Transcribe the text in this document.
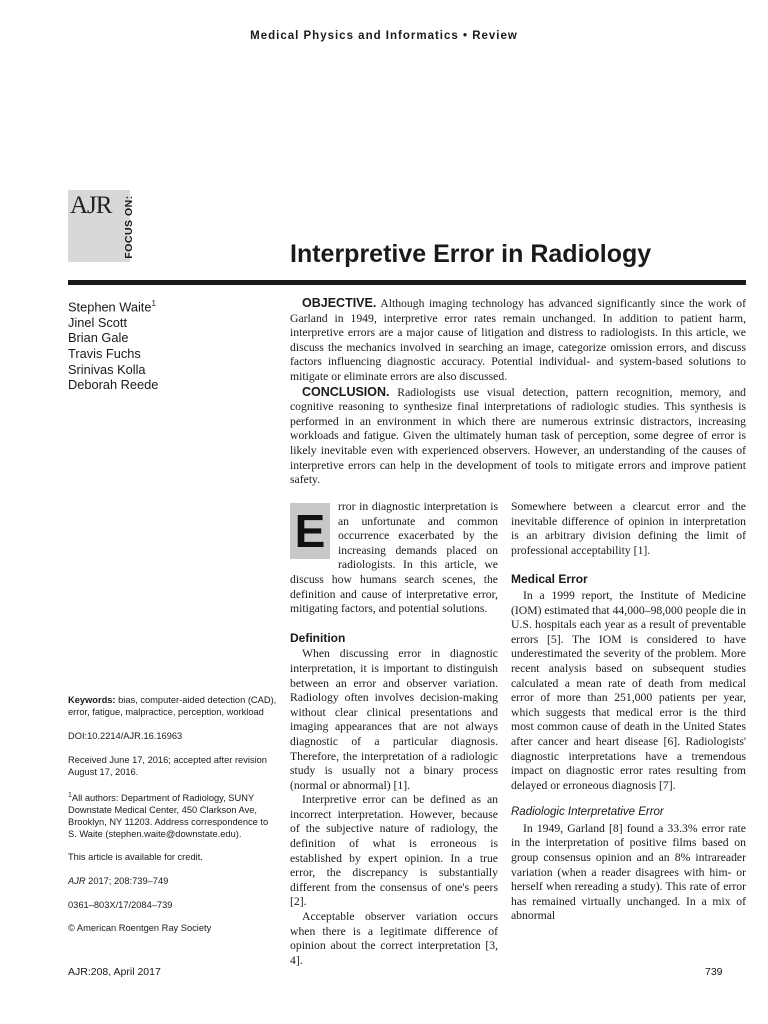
Medical Physics and Informatics • Review
AJR FOCUS ON:	Interpretive Error in Radiology
Stephen Waite$^1$
Jinel Scott
Brian Gale
Travis Fuchs
Srinivas Kolla
Deborah Reede

OBJECTIVE. Although imaging technology has advanced significantly since the work of Garland in 1949, interpretive error rates remain unchanged. In addition to patient harm, interpretive errors are a major cause of litigation and distress to radiologists. In this article, we discuss the mechanics involved in searching an image, categorize omission errors, and discuss factors influencing diagnostic accuracy. Potential individual- and system-based solutions to mitigate or eliminate errors are also discussed.

CONCLUSION. Radiologists use visual detection, pattern recognition, memory, and cognitive reasoning to synthesize final interpretations of radiologic studies. This synthesis is performed in an environment in which there are numerous extrinsic distractors, increasing workloads and fatigue. Given the ultimately human task of perception, some degree of error is likely inevitable even with experienced observers. However, an understanding of the causes of interpretive errors can help in the development of tools to mitigate errors and improve patient safety.

E	rror in diagnostic interpretation is an unfortunate and common occurrence exacerbated by the increasing demands placed on radiologists. In this article, we discuss how humans search scenes, the definition and cause of interpretative error, mitigating factors, and potential solutions.

Definition

When discussing error in diagnostic interpretation, it is important to distinguish between an error and observer variation. Radiology often involves decision-making without clear clinical presentations and imaging appearances that are not always diagnostic of a particular diagnosis. Therefore, the interpretation of a radiologic study is usually not a binary process (normal or abnormal) [1].

Interpretive error can be defined as an incorrect interpretation. However, because of the subjective nature of radiology, the definition of what is erroneous is established by expert opinion. In a true error, the discrepancy is substantially different from the consensus of one's peers [2].

Acceptable observer variation occurs when there is a legitimate difference of opinion about the correct interpretation [3, 4].

Somewhere between a clearcut error and the inevitable difference of opinion in interpretation is an arbitrary division defining the limit of professional acceptability [1].

Medical Error

In a 1999 report, the Institute of Medicine (IOM) estimated that 44,000–98,000 people die in U.S. hospitals each year as a result of preventable errors [5]. The IOM is considered to have underestimated the severity of the problem. More recent analysis based on subsequent studies calculated a mean rate of death from medical error of more than 251,000 patients per year, which suggests that medical error is the third most common cause of death in the United States after cancer and heart disease [6]. Radiologists' diagnostic interpretations have a tremendous impact on diagnostic error rates resulting from delayed or erroneous diagnosis [7].

Radiologic Interpretative Error

In 1949, Garland [8] found a 33.3% error rate in the interpretation of positive films based on group consensus opinion and an 8% intrareader variation (when a reader disagrees with him- or herself when rereading a study). This rate of error has remained virtually unchanged. In a mix of abnormal

Keywords: bias, computer-aided detection (CAD), error, fatigue, malpractice, perception, workload
DOI:10.2214/AJR.16.16963
Received June 17, 2016; accepted after revision August 17, 2016.
$^1$All authors: Department of Radiology, SUNY Downstate Medical Center, 450 Clarkson Ave, Brooklyn, NY 11203. Address correspondence to S. Waite (stephen.waite@downstate.edu).
This article is available for credit.
AJR 2017; 208:739–749
0361–803X/17/2084–739
© American Roentgen Ray Society
AJR:208, April 2017	739
